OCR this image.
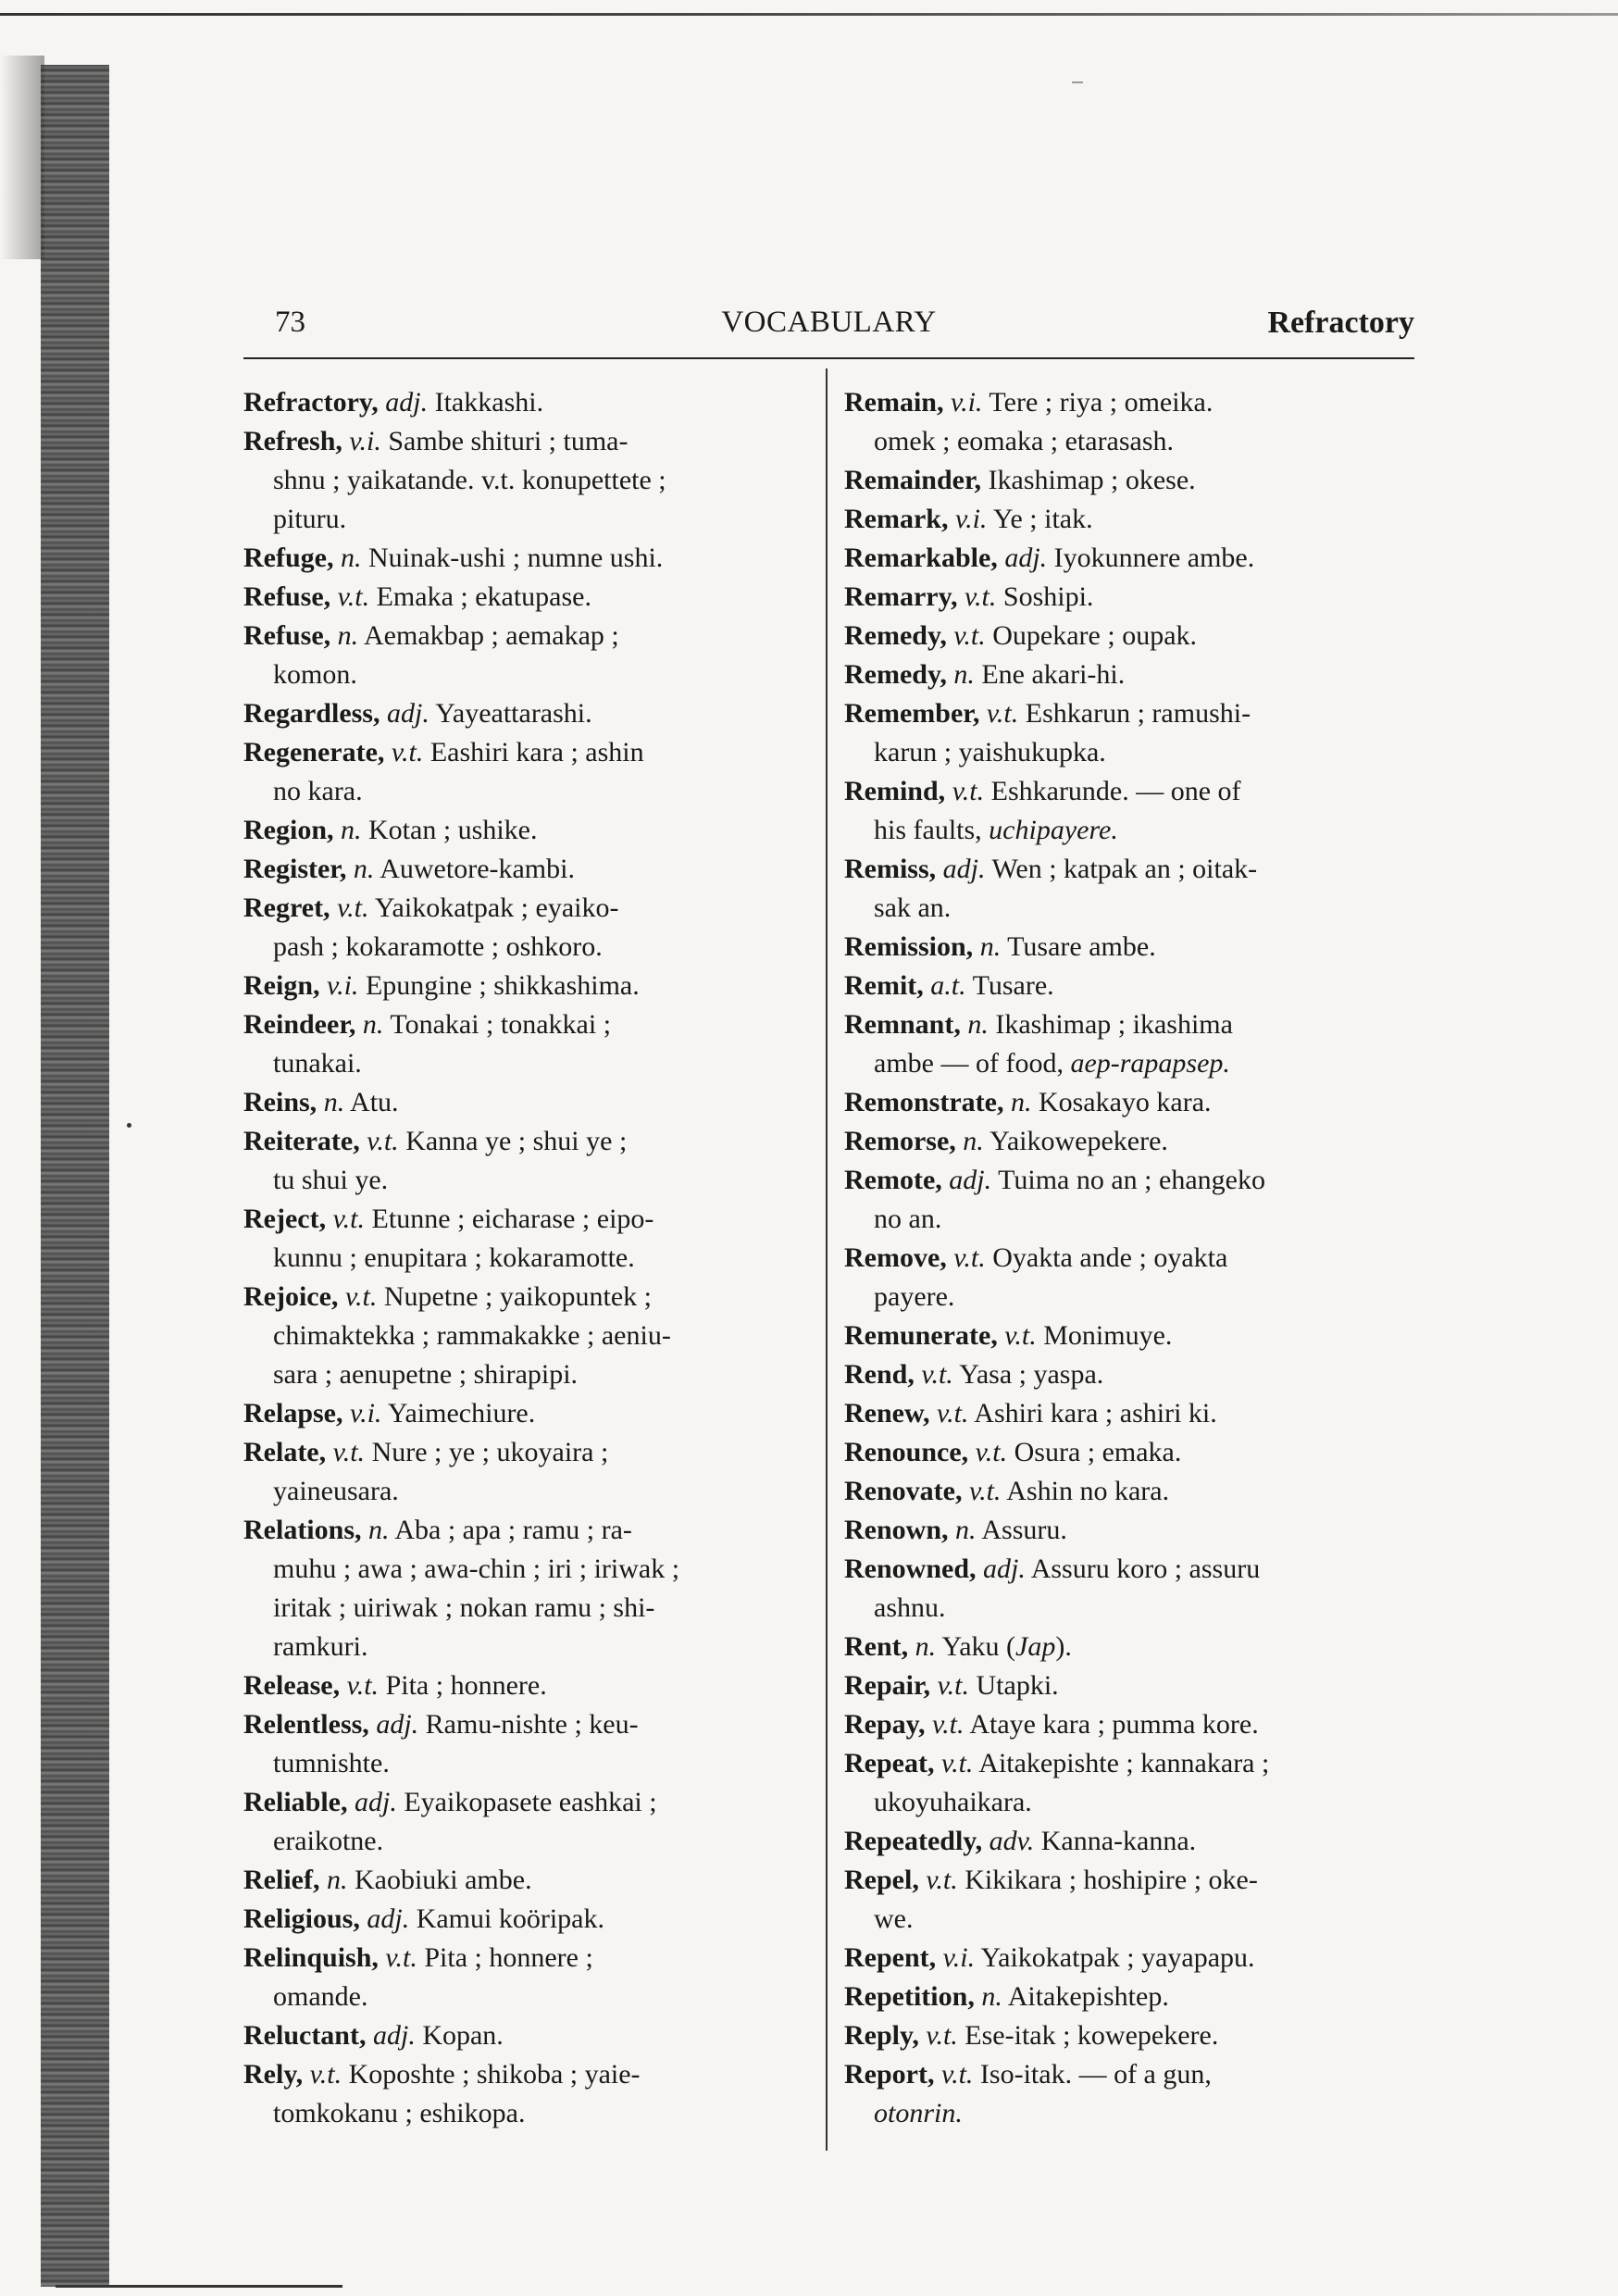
73	VOCABULARY	Refractory

Refractory, adj. Itakkashi.

Refresh, v.i. Sambe shituri ; tuma-
shnu ; yaikatande. v.t. konupettete ;
pituru.

Refuge, n. Nuinak-ushi ; numne ushi.

Refuse, v.t. Emaka ; ekatupase.

Refuse, n. Aemakbap ; aemakap ;
komon.

Regardless, adj. Yayeattarashi.

Regenerate, v.t. Eashiri kara ; ashin
no kara.

Region, n. Kotan ; ushike.

Register, n. Auwetore-kambi.

Regret, v.t. Yaikokatpak ; eyaiko-
pash ; kokaramotte ; oshkoro.

Reign, v.i. Epungine ; shikkashima.

Reindeer, n. Tonakai ; tonakkai ;
tunakai.

Reins, n. Atu.

Reiterate, v.t. Kanna ye ; shui ye ;
tu shui ye.

Reject, v.t. Etunne ; eicharase ; eipo-
kunnu ; enupitara ; kokaramotte.

Rejoice, v.t. Nupetne ; yaikopuntek ;
chimaktekka ; rammakakke ; aeniu-
sara ; aenupetne ; shirapipi.

Relapse, v.i. Yaimechiure.

Relate, v.t. Nure ; ye ; ukoyaira ;
yaineusara.

Relations, n. Aba ; apa ; ramu ; ra-
muhu ; awa ; awa-chin ; iri ; iriwak ;
iritak ; uiriwak ; nokan ramu ; shi-
ramkuri.

Release, v.t. Pita ; honnere.

Relentless, adj. Ramu-nishte ; keu-
tumnishte.

Reliable, adj. Eyaikopasete eashkai ;
eraikotne.

Relief, n. Kaobiuki ambe.

Religious, adj. Kamui koöripak.

Relinquish, v.t. Pita ; honnere ;
omande.

Reluctant, adj. Kopan.

Rely, v.t. Koposhte ; shikoba ; yaie-
tomkokanu ; eshikopa.

Remain, v.i. Tere ; riya ; omeika.
omek ; eomaka ; etarasash.

Remainder, Ikashimap ; okese.

Remark, v.i. Ye ; itak.

Remarkable, adj. Iyokunnere ambe.

Remarry, v.t. Soshipi.

Remedy, v.t. Oupekare ; oupak.

Remedy, n. Ene akari-hi.

Remember, v.t. Eshkarun ; ramushi-
karun ; yaishukupka.

Remind, v.t. Eshkarunde. — one of
his faults, uchipayere.

Remiss, adj. Wen ; katpak an ; oitak-
sak an.

Remission, n. Tusare ambe.

Remit, a.t. Tusare.

Remnant, n. Ikashimap ; ikashima
ambe — of food, aep-rapapsep.

Remonstrate, n. Kosakayo kara.

Remorse, n. Yaikowepekere.

Remote, adj. Tuima no an ; ehangeko
no an.

Remove, v.t. Oyakta ande ; oyakta
payere.

Remunerate, v.t. Monimuye.

Rend, v.t. Yasa ; yaspa.

Renew, v.t. Ashiri kara ; ashiri ki.

Renounce, v.t. Osura ; emaka.

Renovate, v.t. Ashin no kara.

Renown, n. Assuru.

Renowned, adj. Assuru koro ; assuru
ashnu.

Rent, n. Yaku (Jap).

Repair, v.t. Utapki.

Repay, v.t. Ataye kara ; pumma kore.

Repeat, v.t. Aitakepishte ; kannakara ;
ukoyuhaikara.

Repeatedly, adv. Kanna-kanna.

Repel, v.t. Kikikara ; hoshipire ; oke-
we.

Repent, v.i. Yaikokatpak ; yayapapu.

Repetition, n. Aitakepishtep.

Reply, v.t. Ese-itak ; kowepekere.

Report, v.t. Iso-itak. — of a gun,
otonrin.
